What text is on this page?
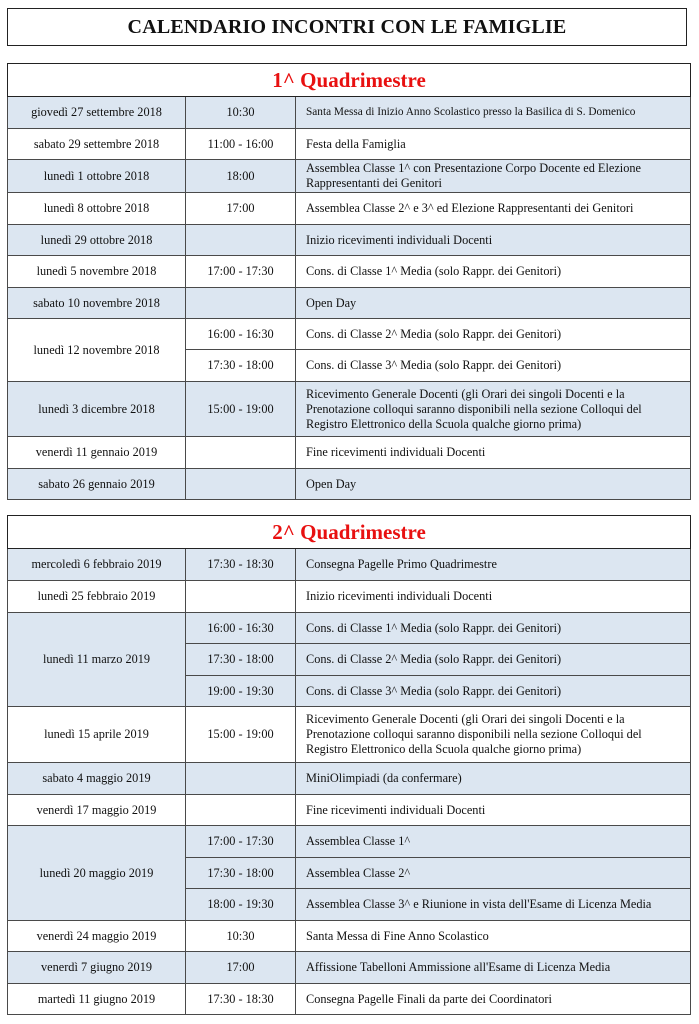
CALENDARIO INCONTRI CON LE FAMIGLIE
1^ Quadrimestre		
giovedì 27 settembre 2018	10:30	Santa Messa di Inizio Anno Scolastico presso la Basilica di S. Domenico
sabato 29 settembre 2018	11:00 - 16:00	Festa della Famiglia
lunedì 1 ottobre 2018	18:00	Assemblea Classe 1^ con Presentazione Corpo Docente ed Elezione Rappresentanti dei Genitori
lunedì 8 ottobre 2018	17:00	Assemblea Classe 2^ e 3^ ed Elezione Rappresentanti dei Genitori
lunedì 29 ottobre 2018		Inizio ricevimenti individuali Docenti
lunedì 5 novembre 2018	17:00 - 17:30	Cons. di Classe 1^ Media (solo Rappr. dei Genitori)
sabato 10 novembre 2018		Open Day
lunedì 12 novembre 2018	16:00 - 16:30	Cons. di Classe 2^ Media (solo Rappr. dei Genitori)
	17:30 - 18:00	Cons. di Classe 3^ Media (solo Rappr. dei Genitori)
lunedì 3 dicembre 2018	15:00 - 19:00	Ricevimento Generale Docenti (gli Orari dei singoli Docenti e la Prenotazione colloqui saranno disponibili nella sezione Colloqui del Registro Elettronico della Scuola qualche giorno prima)
venerdì 11 gennaio 2019		Fine ricevimenti individuali Docenti
sabato 26 gennaio 2019		Open Day
2^ Quadrimestre		
mercoledì 6 febbraio 2019	17:30 - 18:30	Consegna Pagelle Primo Quadrimestre
lunedì 25 febbraio 2019		Inizio ricevimenti individuali Docenti
lunedì 11 marzo 2019	16:00 - 16:30	Cons. di Classe 1^ Media (solo Rappr. dei Genitori)
	17:30 - 18:00	Cons. di Classe 2^ Media (solo Rappr. dei Genitori)
	19:00 - 19:30	Cons. di Classe 3^ Media (solo Rappr. dei Genitori)
lunedì 15 aprile 2019	15:00 - 19:00	Ricevimento Generale Docenti (gli Orari dei singoli Docenti e la Prenotazione colloqui saranno disponibili nella sezione Colloqui del Registro Elettronico della Scuola qualche giorno prima)
sabato 4 maggio 2019		MiniOlimpiadi (da confermare)
venerdì 17 maggio 2019		Fine ricevimenti individuali Docenti
lunedì 20 maggio 2019	17:00 - 17:30	Assemblea Classe 1^
	17:30 - 18:00	Assemblea Classe 2^
	18:00 - 19:30	Assemblea Classe 3^ e Riunione in vista dell'Esame di Licenza Media
venerdì 24 maggio 2019	10:30	Santa Messa di Fine Anno Scolastico
venerdì 7 giugno 2019	17:00	Affissione Tabelloni Ammissione all'Esame di Licenza Media
martedì 11 giugno 2019	17:30 - 18:30	Consegna Pagelle Finali da parte dei Coordinatori
